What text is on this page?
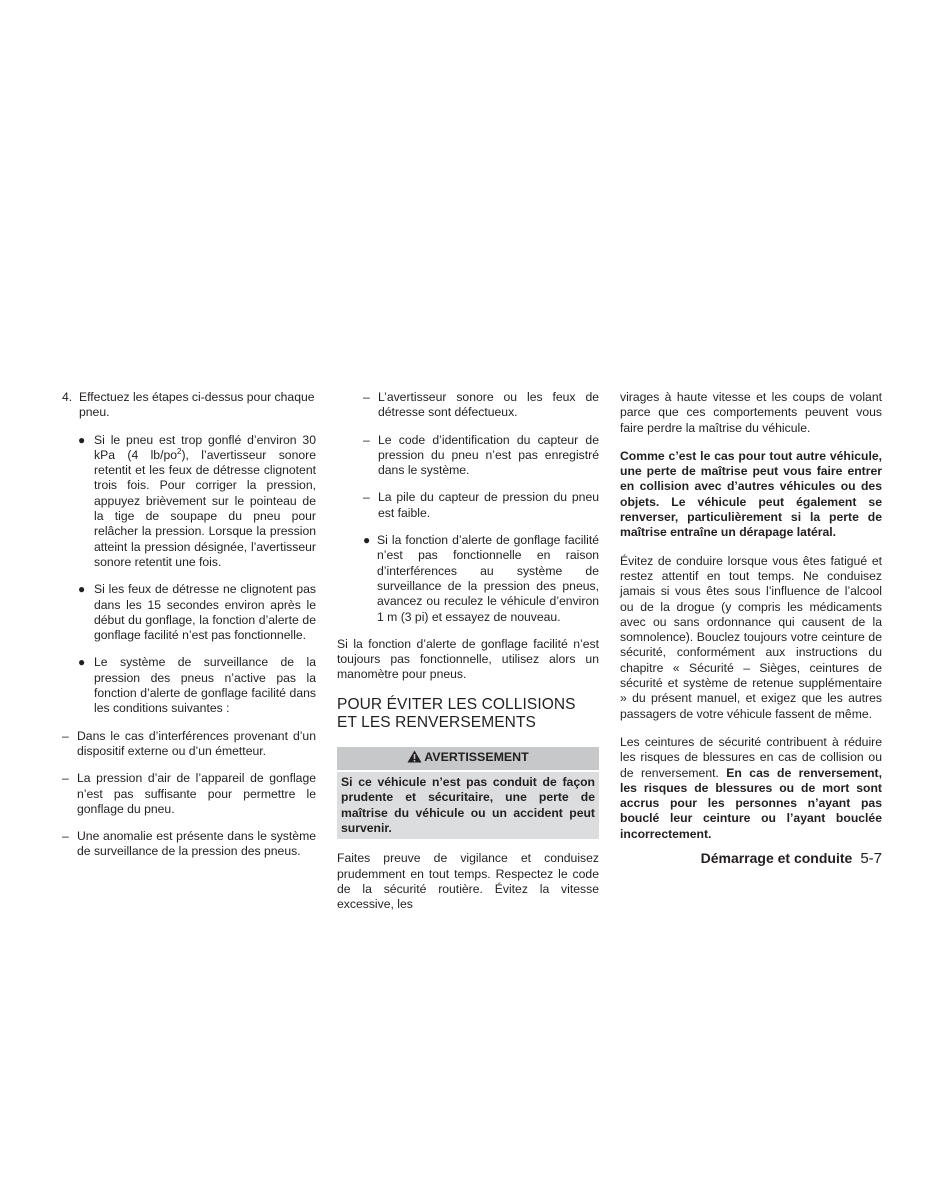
4. Effectuez les étapes ci-dessus pour chaque pneu.
● Si le pneu est trop gonflé d’environ 30 kPa (4 $lb/po^2$), l’avertisseur sonore retentit et les feux de détresse clignotent trois fois. Pour corriger la pression, appuyez brièvement sur le pointeau de la tige de soupape du pneu pour relâcher la pression. Lorsque la pression atteint la pression désignée, l’avertisseur sonore retentit une fois.
● Si les feux de détresse ne clignotent pas dans les 15 secondes environ après le début du gonflage, la fonction d’alerte de gonflage facilité n’est pas fonctionnelle.
● Le système de surveillance de la pression des pneus n’active pas la fonction d’alerte de gonflage facilité dans les conditions suivantes :
– Dans le cas d’interférences provenant d’un dispositif externe ou d’un émetteur.
– La pression d’air de l’appareil de gonflage n’est pas suffisante pour permettre le gonflage du pneu.
– Une anomalie est présente dans le système de surveillance de la pression des pneus.
– L’avertisseur sonore ou les feux de détresse sont défectueux.
– Le code d’identification du capteur de pression du pneu n’est pas enregistré dans le système.
– La pile du capteur de pression du pneu est faible.
● Si la fonction d’alerte de gonflage facilité n’est pas fonctionnelle en raison d’interférences au système de surveillance de la pression des pneus, avancez ou reculez le véhicule d’environ 1 m (3 pi) et essayez de nouveau.

Si la fonction d’alerte de gonflage facilité n’est toujours pas fonctionnelle, utilisez alors un manomètre pour pneus.

POUR ÉVITER LES COLLISIONS ET LES RENVERSEMENTS
AVERTISSEMENT
Si ce véhicule n’est pas conduit de façon prudente et sécuritaire, une perte de maîtrise du véhicule ou un accident peut survenir.

Faites preuve de vigilance et conduisez prudemment en tout temps. Respectez le code de la sécurité routière. Évitez la vitesse excessive, les

virages à haute vitesse et les coups de volant parce que ces comportements peuvent vous faire perdre la maîtrise du véhicule.

Comme c’est le cas pour tout autre véhicule, une perte de maîtrise peut vous faire entrer en collision avec d’autres véhicules ou des objets. Le véhicule peut également se renverser, particulièrement si la perte de maîtrise entraîne un dérapage latéral.

Évitez de conduire lorsque vous êtes fatigué et restez attentif en tout temps. Ne conduisez jamais si vous êtes sous l’influence de l’alcool ou de la drogue (y compris les médicaments avec ou sans ordonnance qui causent de la somnolence). Bouclez toujours votre ceinture de sécurité, conformément aux instructions du chapitre « Sécurité – Sièges, ceintures de sécurité et système de retenue supplémentaire » du présent manuel, et exigez que les autres passagers de votre véhicule fassent de même.

Les ceintures de sécurité contribuent à réduire les risques de blessures en cas de collision ou de renversement. En cas de renversement, les risques de blessures ou de mort sont accrus pour les personnes n’ayant pas bouclé leur ceinture ou l’ayant bouclée incorrectement.

Démarrage et conduite 5-7
